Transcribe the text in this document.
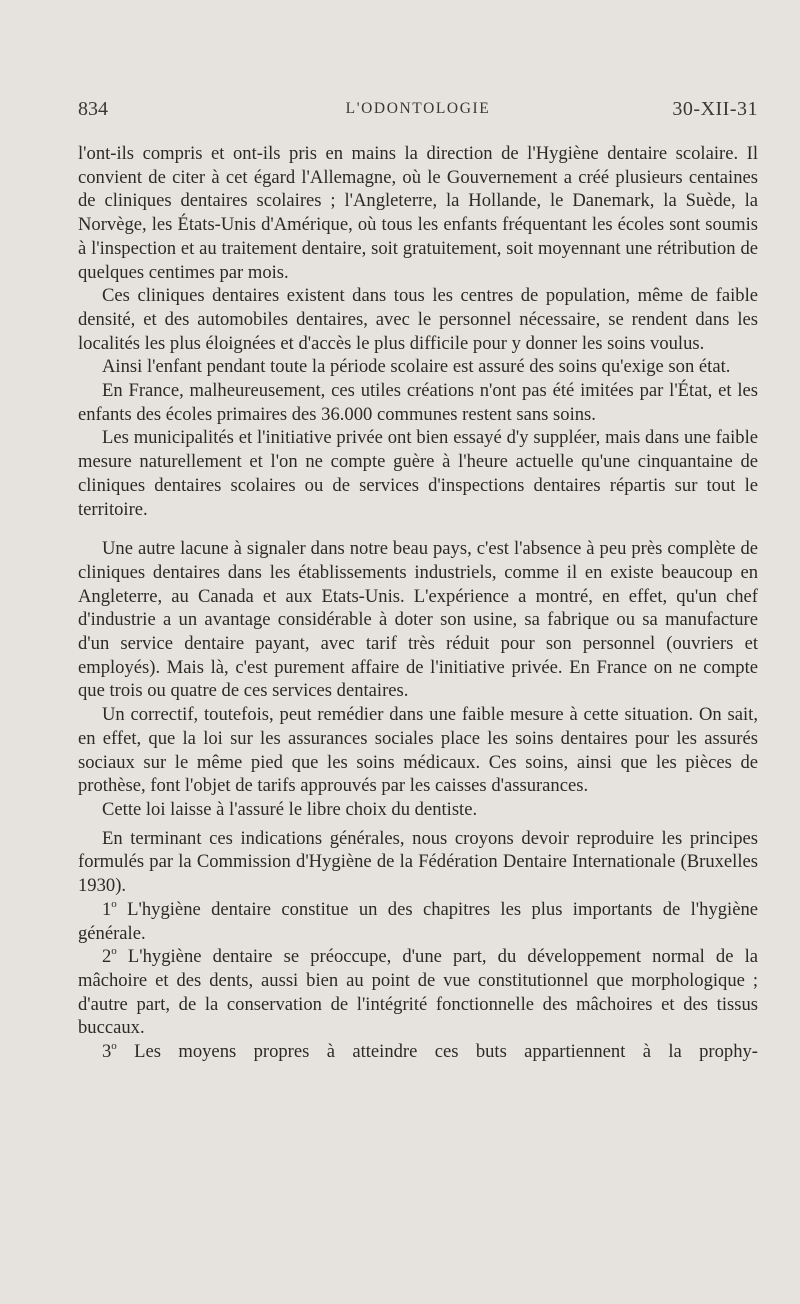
834	L'ODONTOLOGIE	30-XII-31

l'ont-ils compris et ont-ils pris en mains la direction de l'Hygiène dentaire scolaire. Il convient de citer à cet égard l'Allemagne, où le Gouvernement a créé plusieurs centaines de cliniques dentaires scolaires ; l'Angleterre, la Hollande, le Danemark, la Suède, la Norvège, les États-Unis d'Amérique, où tous les enfants fréquentant les écoles sont soumis à l'inspection et au traitement dentaire, soit gratuitement, soit moyennant une rétribution de quelques centimes par mois.

Ces cliniques dentaires existent dans tous les centres de population, même de faible densité, et des automobiles dentaires, avec le personnel nécessaire, se rendent dans les localités les plus éloignées et d'accès le plus difficile pour y donner les soins voulus.

Ainsi l'enfant pendant toute la période scolaire est assuré des soins qu'exige son état.

En France, malheureusement, ces utiles créations n'ont pas été imitées par l'État, et les enfants des écoles primaires des 36.000 communes restent sans soins.

Les municipalités et l'initiative privée ont bien essayé d'y suppléer, mais dans une faible mesure naturellement et l'on ne compte guère à l'heure actuelle qu'une cinquantaine de cliniques dentaires scolaires ou de services d'inspections dentaires répartis sur tout le territoire.

Une autre lacune à signaler dans notre beau pays, c'est l'absence à peu près complète de cliniques dentaires dans les établissements industriels, comme il en existe beaucoup en Angleterre, au Canada et aux Etats-Unis. L'expérience a montré, en effet, qu'un chef d'industrie a un avantage considérable à doter son usine, sa fabrique ou sa manufacture d'un service dentaire payant, avec tarif très réduit pour son personnel (ouvriers et employés). Mais là, c'est purement affaire de l'initiative privée. En France on ne compte que trois ou quatre de ces services dentaires.

Un correctif, toutefois, peut remédier dans une faible mesure à cette situation. On sait, en effet, que la loi sur les assurances sociales place les soins dentaires pour les assurés sociaux sur le même pied que les soins médicaux. Ces soins, ainsi que les pièces de prothèse, font l'objet de tarifs approuvés par les caisses d'assurances.

Cette loi laisse à l'assuré le libre choix du dentiste.

En terminant ces indications générales, nous croyons devoir reproduire les principes formulés par la Commission d'Hygiène de la Fédération Dentaire Internationale (Bruxelles 1930).

1$^o$ L'hygiène dentaire constitue un des chapitres les plus importants de l'hygiène générale.

2$^o$ L'hygiène dentaire se préoccupe, d'une part, du développement normal de la mâchoire et des dents, aussi bien au point de vue constitutionnel que morphologique ; d'autre part, de la conservation de l'intégrité fonctionnelle des mâchoires et des tissus buccaux.

3$^o$ Les moyens propres à atteindre ces buts appartiennent à la prophy-
